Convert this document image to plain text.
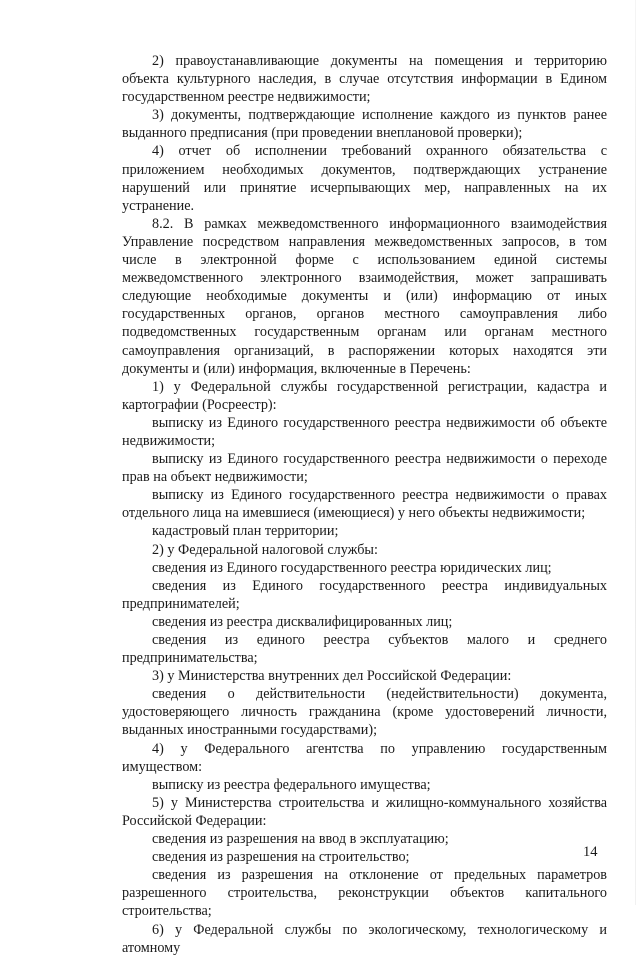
2) правоустанавливающие документы на помещения и территорию объекта культурного наследия, в случае отсутствия информации в Едином государственном реестре недвижимости;

3) документы, подтверждающие исполнение каждого из пунктов ранее выданного предписания (при проведении внеплановой проверки);

4) отчет об исполнении требований охранного обязательства с приложением необходимых документов, подтверждающих устранение нарушений или принятие исчерпывающих мер, направленных на их устранение.

8.2. В рамках межведомственного информационного взаимодействия Управление посредством направления межведомственных запросов, в том числе в электронной форме с использованием единой системы межведомственного электронного взаимодействия, может запрашивать следующие необходимые документы и (или) информацию от иных государственных органов, органов местного самоуправления либо подведомственных государственным органам или органам местного самоуправления организаций, в распоряжении которых находятся эти документы и (или) информация, включенные в Перечень:

1) у Федеральной службы государственной регистрации, кадастра и картографии (Росреестр):

выписку из Единого государственного реестра недвижимости об объекте недвижимости;

выписку из Единого государственного реестра недвижимости о переходе прав на объект недвижимости;

выписку из Единого государственного реестра недвижимости о правах отдельного лица на имевшиеся (имеющиеся) у него объекты недвижимости;

кадастровый план территории;

2) у Федеральной налоговой службы:

сведения из Единого государственного реестра юридических лиц;

сведения из Единого государственного реестра индивидуальных предпринимателей;

сведения из реестра дисквалифицированных лиц;

сведения из единого реестра субъектов малого и среднего предпринимательства;

3) у Министерства внутренних дел Российской Федерации:

сведения о действительности (недействительности) документа, удостоверяющего личность гражданина (кроме удостоверений личности, выданных иностранными государствами);

4) у Федерального агентства по управлению государственным имуществом:

выписку из реестра федерального имущества;

5) у Министерства строительства и жилищно-коммунального хозяйства Российской Федерации:

сведения из разрешения на ввод в эксплуатацию;

сведения из разрешения на строительство;

сведения из разрешения на отклонение от предельных параметров разрешенного строительства, реконструкции объектов капитального строительства;

6) у Федеральной службы по экологическому, технологическому и атомному

14
